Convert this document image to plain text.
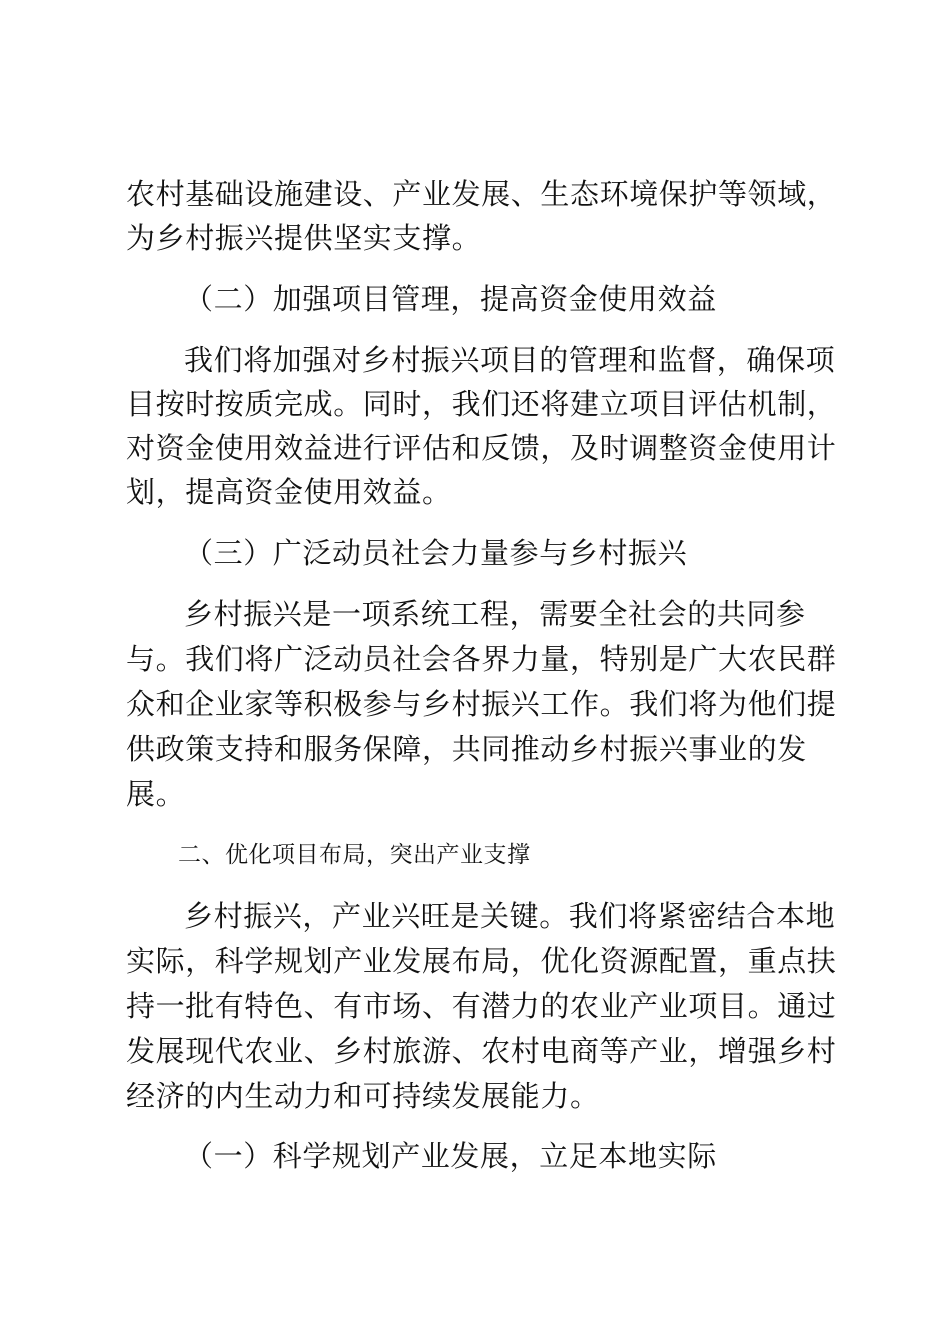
农村基础设施建设、产业发展、生态环境保护等领域，
为乡村振兴提供坚实支撑。
（二）加强项目管理，提高资金使用效益
我们将加强对乡村振兴项目的管理和监督，确保项
目按时按质完成。同时，我们还将建立项目评估机制，
对资金使用效益进行评估和反馈，及时调整资金使用计
划，提高资金使用效益。
（三）广泛动员社会力量参与乡村振兴
乡村振兴是一项系统工程，需要全社会的共同参
与。我们将广泛动员社会各界力量，特别是广大农民群
众和企业家等积极参与乡村振兴工作。我们将为他们提
供政策支持和服务保障，共同推动乡村振兴事业的发
展。
二、优化项目布局，突出产业支撑
乡村振兴，产业兴旺是关键。我们将紧密结合本地
实际，科学规划产业发展布局，优化资源配置，重点扶
持一批有特色、有市场、有潜力的农业产业项目。通过
发展现代农业、乡村旅游、农村电商等产业，增强乡村
经济的内生动力和可持续发展能力。
（一）科学规划产业发展，立足本地实际
